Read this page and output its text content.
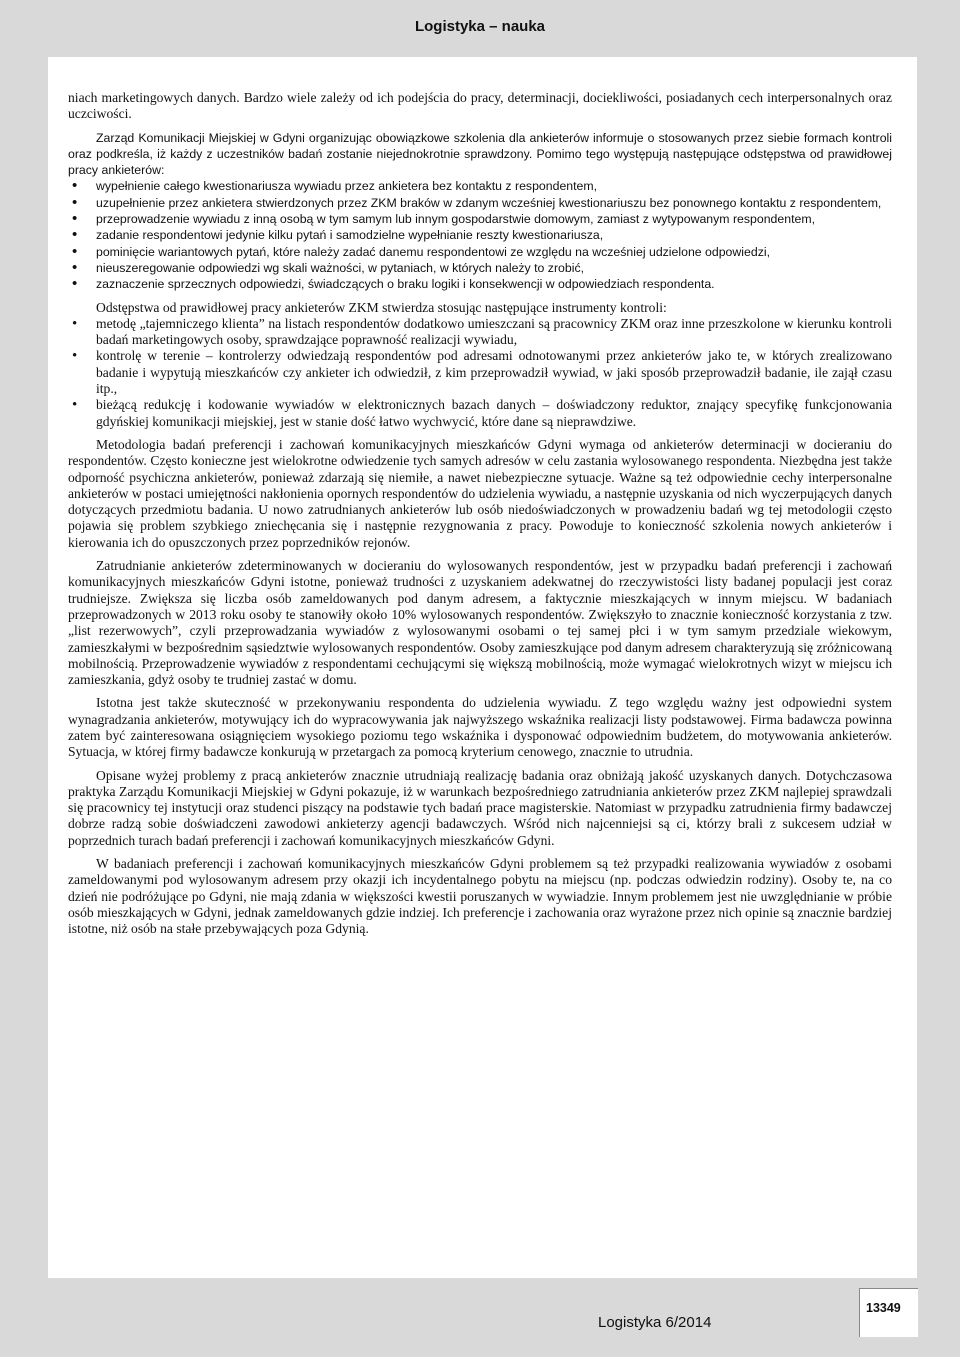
Logistyka – nauka

niach marketingowych danych. Bardzo wiele zależy od ich podejścia do pracy, determinacji, dociekliwości, posiadanych cech interpersonalnych oraz uczciwości.

Zarząd Komunikacji Miejskiej w Gdyni organizując obowiązkowe szkolenia dla ankieterów informuje o stosowanych przez siebie formach kontroli oraz podkreśla, iż każdy z uczestników badań zostanie niejednokrotnie sprawdzony. Pomimo tego występują następujące odstępstwa od prawidłowej pracy ankieterów:

• wypełnienie całego kwestionariusza wywiadu przez ankietera bez kontaktu z respondentem,
• uzupełnienie przez ankietera stwierdzonych przez ZKM braków w zdanym wcześniej kwestionariuszu bez ponownego kontaktu z respondentem,
• przeprowadzenie wywiadu z inną osobą w tym samym lub innym gospodarstwie domowym, zamiast z wytypowanym respondentem,
• zadanie respondentowi jedynie kilku pytań i samodzielne wypełnianie reszty kwestionariusza,
• pominięcie wariantowych pytań, które należy zadać danemu respondentowi ze względu na wcześniej udzielone odpowiedzi,
• nieuszeregowanie odpowiedzi wg skali ważności, w pytaniach, w których należy to zrobić,
• zaznaczenie sprzecznych odpowiedzi, świadczących o braku logiki i konsekwencji w odpowiedziach respondenta.

Odstępstwa od prawidłowej pracy ankieterów ZKM stwierdza stosując następujące instrumenty kontroli:

• metodę „tajemniczego klienta” na listach respondentów dodatkowo umieszczani są pracownicy ZKM oraz inne przeszkolone w kierunku kontroli badań marketingowych osoby, sprawdzające poprawność realizacji wywiadu,
• kontrolę w terenie – kontrolerzy odwiedzają respondentów pod adresami odnotowanymi przez ankieterów jako te, w których zrealizowano badanie i wypytują mieszkańców czy ankieter ich odwiedził, z kim przeprowadził wywiad, w jaki sposób przeprowadził badanie, ile zajął czasu itp.,
• bieżącą redukcję i kodowanie wywiadów w elektronicznych bazach danych – doświadczony reduktor, znający specyfikę funkcjonowania gdyńskiej komunikacji miejskiej, jest w stanie dość łatwo wychwycić, które dane są nieprawdziwe.

Metodologia badań preferencji i zachowań komunikacyjnych mieszkańców Gdyni wymaga od ankieterów determinacji w docieraniu do respondentów. Często konieczne jest wielokrotne odwiedzenie tych samych adresów w celu zastania wylosowanego respondenta. Niezbędna jest także odporność psychiczna ankieterów, ponieważ zdarzają się niemiłe, a nawet niebezpieczne sytuacje. Ważne są też odpowiednie cechy interpersonalne ankieterów w postaci umiejętności nakłonienia opornych respondentów do udzielenia wywiadu, a następnie uzyskania od nich wyczerpujących danych dotyczących przedmiotu badania. U nowo zatrudnianych ankieterów lub osób niedoświadczonych w prowadzeniu badań wg tej metodologii często pojawia się problem szybkiego zniechęcania się i następnie rezygnowania z pracy. Powoduje to konieczność szkolenia nowych ankieterów i kierowania ich do opuszczonych przez poprzedników rejonów.

Zatrudnianie ankieterów zdeterminowanych w docieraniu do wylosowanych respondentów, jest w przypadku badań preferencji i zachowań komunikacyjnych mieszkańców Gdyni istotne, ponieważ trudności z uzyskaniem adekwatnej do rzeczywistości listy badanej populacji jest coraz trudniejsze. Zwiększa się liczba osób zameldowanych pod danym adresem, a faktycznie mieszkających w innym miejscu. W badaniach przeprowadzonych w 2013 roku osoby te stanowiły około 10% wylosowanych respondentów. Zwiększyło to znacznie konieczność korzystania z tzw. „list rezerwowych”, czyli przeprowadzania wywiadów z wylosowanymi osobami o tej samej płci i w tym samym przedziale wiekowym, zamieszkałymi w bezpośrednim sąsiedztwie wylosowanych respondentów. Osoby zamieszkujące pod danym adresem charakteryzują się zróżnicowaną mobilnością. Przeprowadzenie wywiadów z respondentami cechującymi się większą mobilnością, może wymagać wielokrotnych wizyt w miejscu ich zamieszkania, gdyż osoby te trudniej zastać w domu.

Istotna jest także skuteczność w przekonywaniu respondenta do udzielenia wywiadu. Z tego względu ważny jest odpowiedni system wynagradzania ankieterów, motywujący ich do wypracowywania jak najwyższego wskaźnika realizacji listy podstawowej. Firma badawcza powinna zatem być zainteresowana osiągnięciem wysokiego poziomu tego wskaźnika i dysponować odpowiednim budżetem, do motywowania ankieterów. Sytuacja, w której firmy badawcze konkurują w przetargach za pomocą kryterium cenowego, znacznie to utrudnia.

Opisane wyżej problemy z pracą ankieterów znacznie utrudniają realizację badania oraz obniżają jakość uzyskanych danych. Dotychczasowa praktyka Zarządu Komunikacji Miejskiej w Gdyni pokazuje, iż w warunkach bezpośredniego zatrudniania ankieterów przez ZKM najlepiej sprawdzali się pracownicy tej instytucji oraz studenci piszący na podstawie tych badań prace magisterskie. Natomiast w przypadku zatrudnienia firmy badawczej dobrze radzą sobie doświadczeni zawodowi ankieterzy agencji badawczych. Wśród nich najcenniejsi są ci, którzy brali z sukcesem udział w poprzednich turach badań preferencji i zachowań komunikacyjnych mieszkańców Gdyni.

W badaniach preferencji i zachowań komunikacyjnych mieszkańców Gdyni problemem są też przypadki realizowania wywiadów z osobami zameldowanymi pod wylosowanym adresem przy okazji ich incydentalnego pobytu na miejscu (np. podczas odwiedzin rodziny). Osoby te, na co dzień nie podróżujące po Gdyni, nie mają zdania w większości kwestii poruszanych w wywiadzie. Innym problemem jest nie uwzględnianie w próbie osób mieszkających w Gdyni, jednak zameldowanych gdzie indziej. Ich preferencje i zachowania oraz wyrażone przez nich opinie są znacznie bardziej istotne, niż osób na stałe przebywających poza Gdynią.

Logistyka 6/2014
13349
